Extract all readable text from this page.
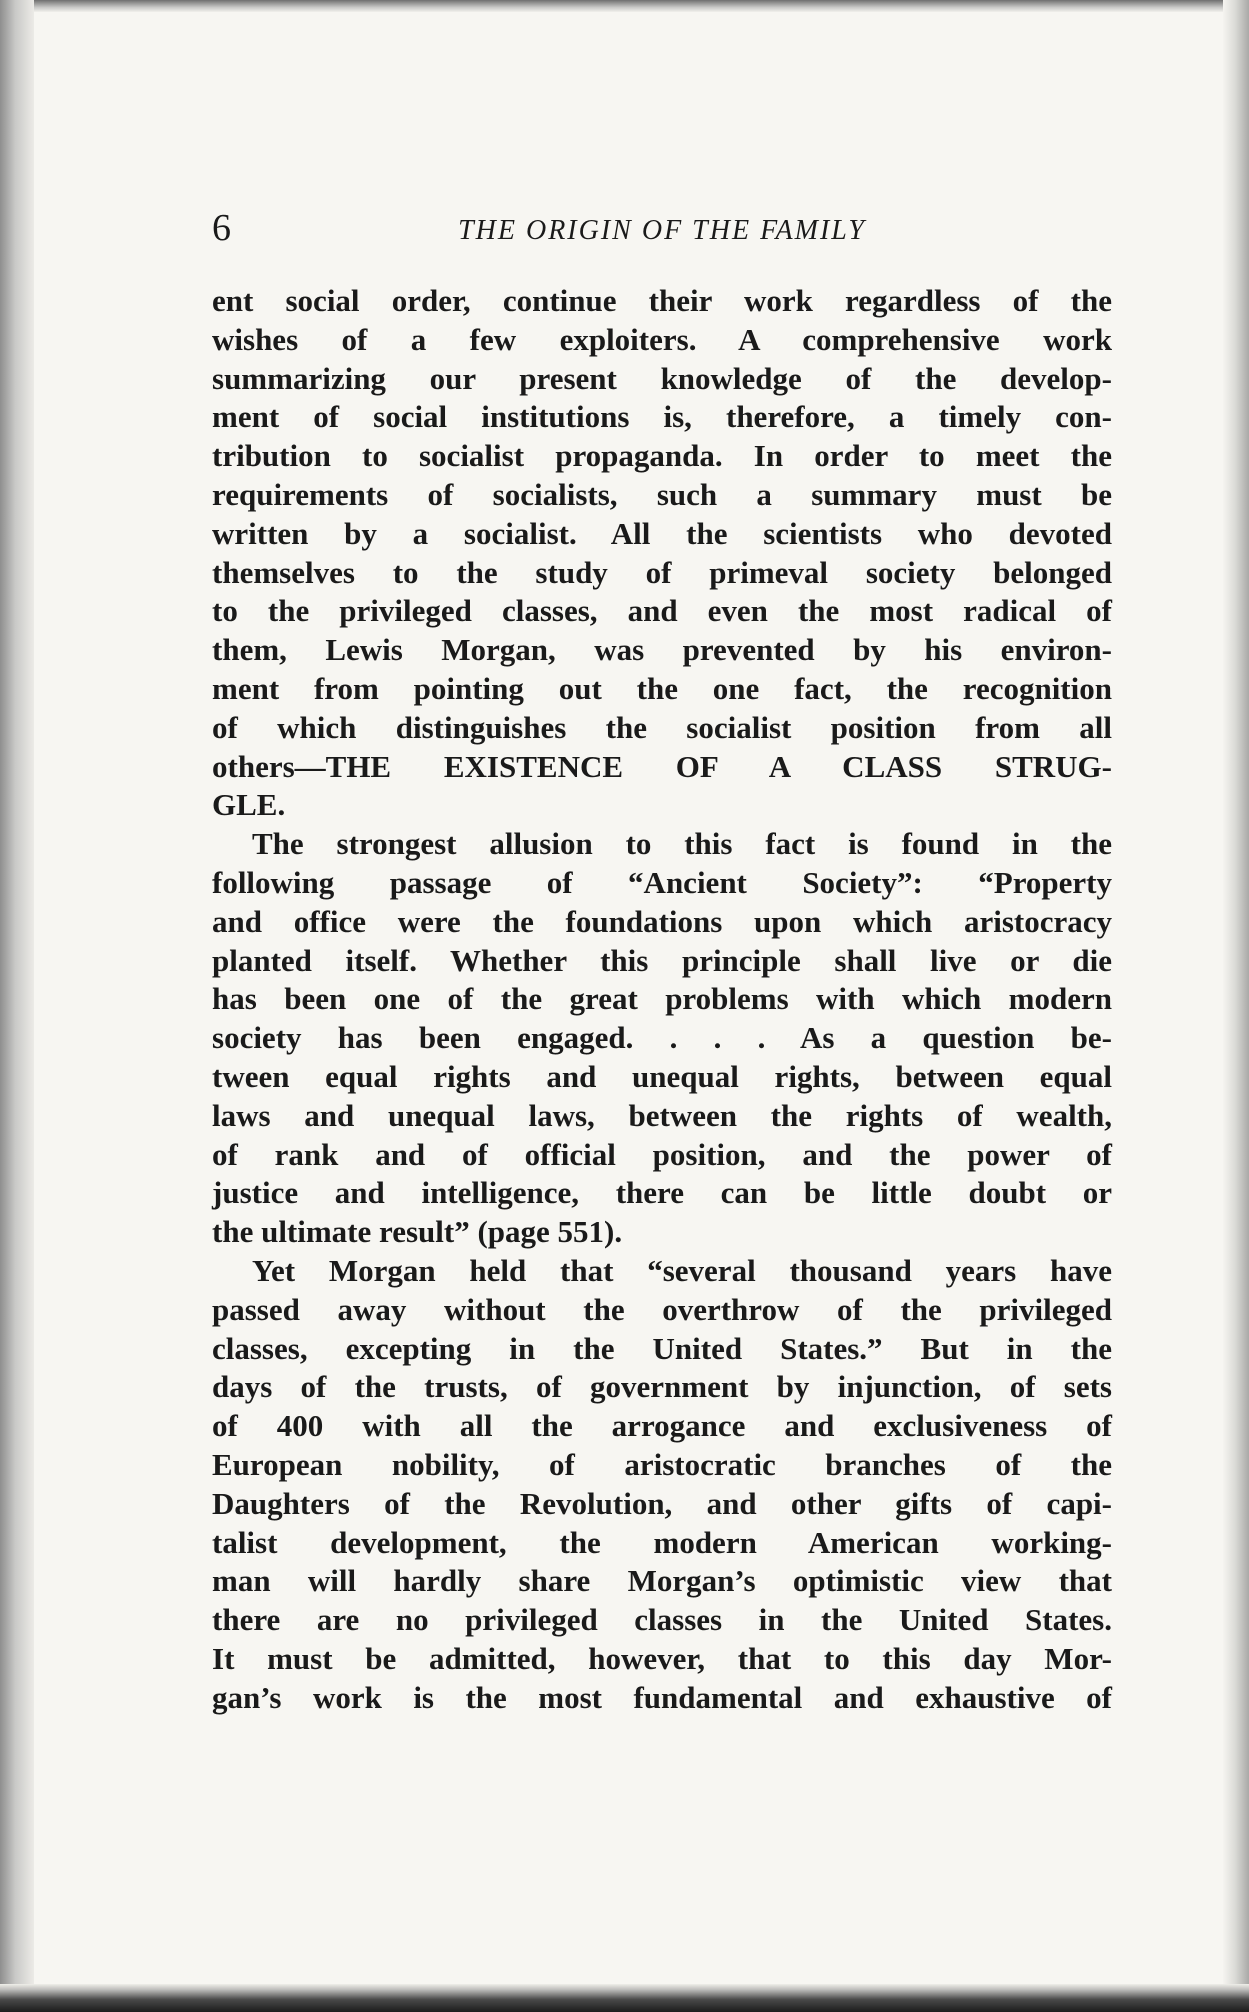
6	THE ORIGIN OF THE FAMILY
ent social order, continue their work regardless of the
wishes of a few exploiters. A comprehensive work
summarizing our present knowledge of the develop-
ment of social institutions is, therefore, a timely con-
tribution to socialist propaganda. In order to meet the
requirements of socialists, such a summary must be
written by a socialist. All the scientists who devoted
themselves to the study of primeval society belonged
to the privileged classes, and even the most radical of
them, Lewis Morgan, was prevented by his environ-
ment from pointing out the one fact, the recognition
of which distinguishes the socialist position from all
others—THE EXISTENCE OF A CLASS STRUG-
GLE.
The strongest allusion to this fact is found in the
following passage of “Ancient Society”: “Property
and office were the foundations upon which aristocracy
planted itself. Whether this principle shall live or die
has been one of the great problems with which modern
society has been engaged. . . . As a question be-
tween equal rights and unequal rights, between equal
laws and unequal laws, between the rights of wealth,
of rank and of official position, and the power of
justice and intelligence, there can be little doubt or
the ultimate result” (page 551).
Yet Morgan held that “several thousand years have
passed away without the overthrow of the privileged
classes, excepting in the United States.” But in the
days of the trusts, of government by injunction, of sets
of 400 with all the arrogance and exclusiveness of
European nobility, of aristocratic branches of the
Daughters of the Revolution, and other gifts of capi-
talist development, the modern American working-
man will hardly share Morgan’s optimistic view that
there are no privileged classes in the United States.
It must be admitted, however, that to this day Mor-
gan’s work is the most fundamental and exhaustive of
